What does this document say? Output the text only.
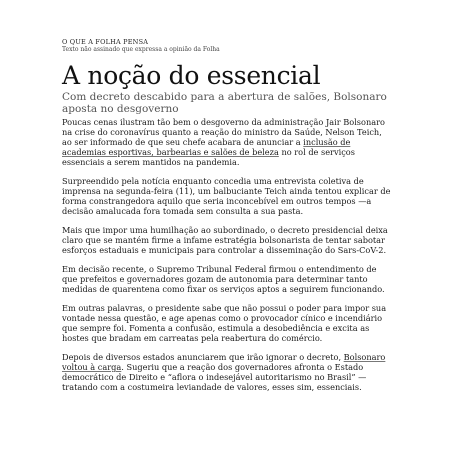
O QUE A FOLHA PENSA
Texto não assinado que expressa a opinião da Folha
A noção do essencial
Com decreto descabido para a abertura de salões, Bolsonaro aposta no desgoverno

Poucas cenas ilustram tão bem o desgoverno da administração Jair Bolsonaro na crise do coronavírus quanto a reação do ministro da Saúde, Nelson Teich, ao ser informado de que seu chefe acabara de anunciar a inclusão de academias esportivas, barbearias e salões de beleza no rol de serviços essenciais a serem mantidos na pandemia.

Surpreendido pela notícia enquanto concedia uma entrevista coletiva de imprensa na segunda-feira (11), um balbuciante Teich ainda tentou explicar de forma constrangedora aquilo que seria inconcebível em outros tempos —a decisão amalucada fora tomada sem consulta a sua pasta.

Mais que impor uma humilhação ao subordinado, o decreto presidencial deixa claro que se mantém firme a infame estratégia bolsonarista de tentar sabotar esforços estaduais e municipais para controlar a disseminação do Sars-CoV-2.

Em decisão recente, o Supremo Tribunal Federal firmou o entendimento de que prefeitos e governadores gozam de autonomia para determinar tanto medidas de quarentena como fixar os serviços aptos a seguirem funcionando.

Em outras palavras, o presidente sabe que não possui o poder para impor sua vontade nessa questão, e age apenas como o provocador cínico e incendiário que sempre foi. Fomenta a confusão, estimula a desobediência e excita as hostes que bradam em carreatas pela reabertura do comércio.

Depois de diversos estados anunciarem que irão ignorar o decreto, Bolsonaro voltou à carga. Sugeriu que a reação dos governadores afronta o Estado democrático de Direito e “aflora o indesejável autoritarismo no Brasil” —tratando com a costumeira leviandade de valores, esses sim, essenciais.
